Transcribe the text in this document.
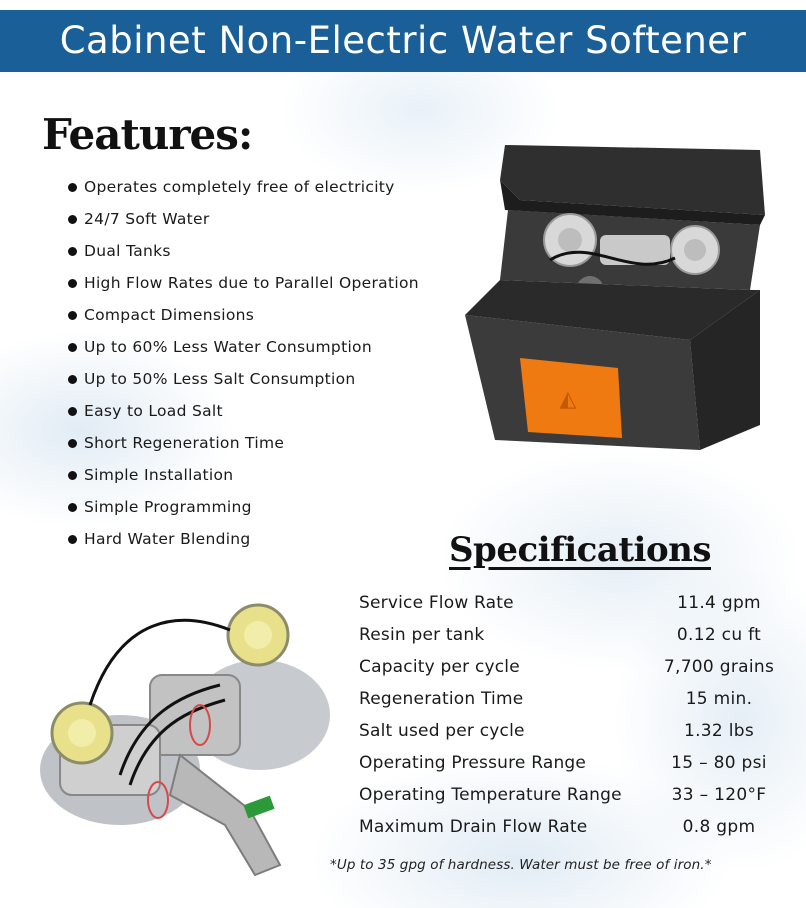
Cabinet Non-Electric Water Softener
Features:
Operates completely free of electricity
24/7 Soft Water
Dual Tanks
High Flow Rates due to Parallel Operation
Compact Dimensions
Up to 60% Less Water Consumption
Up to 50% Less Salt Consumption
Easy to Load Salt
Short Regeneration Time
Simple Installation
Simple Programming
Hard Water Blending
◭
Specifications
Service Flow Rate	11.4 gpm
Resin per tank	0.12 cu ft
Capacity per cycle	7,700 grains
Regeneration Time	15 min.
Salt used per cycle	1.32 lbs
Operating Pressure Range	15 – 80 psi
Operating Temperature Range	33 – 120°F
Maximum Drain Flow Rate	0.8 gpm
*Up to 35 gpg of hardness. Water must be free of iron.*
